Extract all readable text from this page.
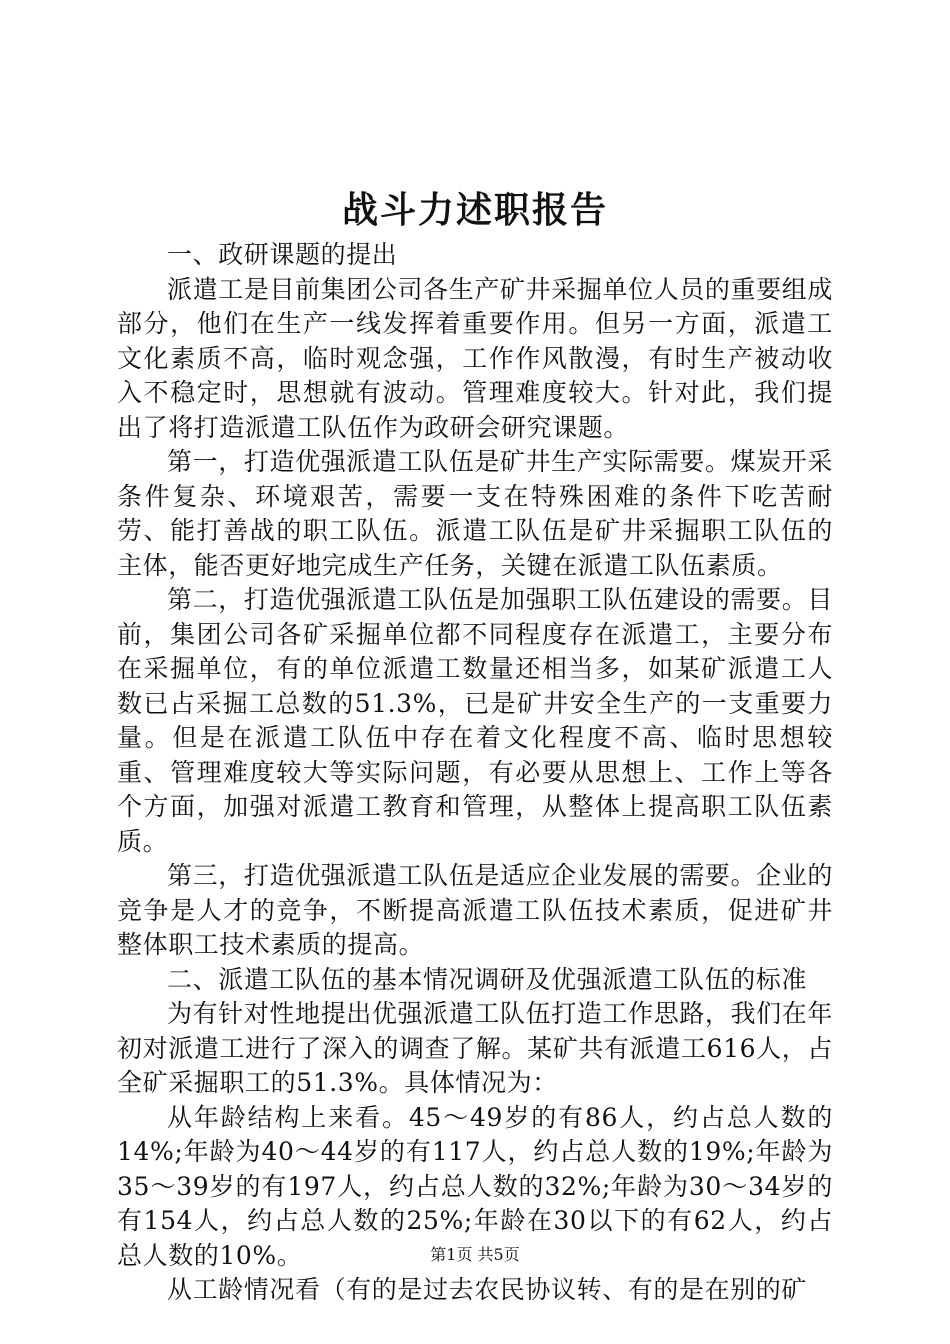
战斗力述职报告

一、政研课题的提出

派遣工是目前集团公司各生产矿井采掘单位人员的重要组成部分，他们在生产一线发挥着重要作用。但另一方面，派遣工文化素质不高，临时观念强，工作作风散漫，有时生产被动收入不稳定时，思想就有波动。管理难度较大。针对此，我们提出了将打造派遣工队伍作为政研会研究课题。

第一，打造优强派遣工队伍是矿井生产实际需要。煤炭开采条件复杂、环境艰苦，需要一支在特殊困难的条件下吃苦耐劳、能打善战的职工队伍。派遣工队伍是矿井采掘职工队伍的主体，能否更好地完成生产任务，关键在派遣工队伍素质。

第二，打造优强派遣工队伍是加强职工队伍建设的需要。目前，集团公司各矿采掘单位都不同程度存在派遣工，主要分布在采掘单位，有的单位派遣工数量还相当多，如某矿派遣工人数已占采掘工总数的51.3%，已是矿井安全生产的一支重要力量。但是在派遣工队伍中存在着文化程度不高、临时思想较重、管理难度较大等实际问题，有必要从思想上、工作上等各个方面，加强对派遣工教育和管理，从整体上提高职工队伍素质。

第三，打造优强派遣工队伍是适应企业发展的需要。企业的竞争是人才的竞争，不断提高派遣工队伍技术素质，促进矿井整体职工技术素质的提高。

二、派遣工队伍的基本情况调研及优强派遣工队伍的标准

为有针对性地提出优强派遣工队伍打造工作思路，我们在年初对派遣工进行了深入的调查了解。某矿共有派遣工616人，占全矿采掘职工的51.3%。具体情况为：

从年龄结构上来看。45～49岁的有86人，约占总人数的14%;年龄为40～44岁的有117人，约占总人数的19%;年龄为35～39岁的有197人，约占总人数的32%;年龄为30～34岁的有154人，约占总人数的25%;年龄在30以下的有62人，约占总人数的10%。

从工龄情况看（有的是过去农民协议转、有的是在别的矿

第1页 共5页
